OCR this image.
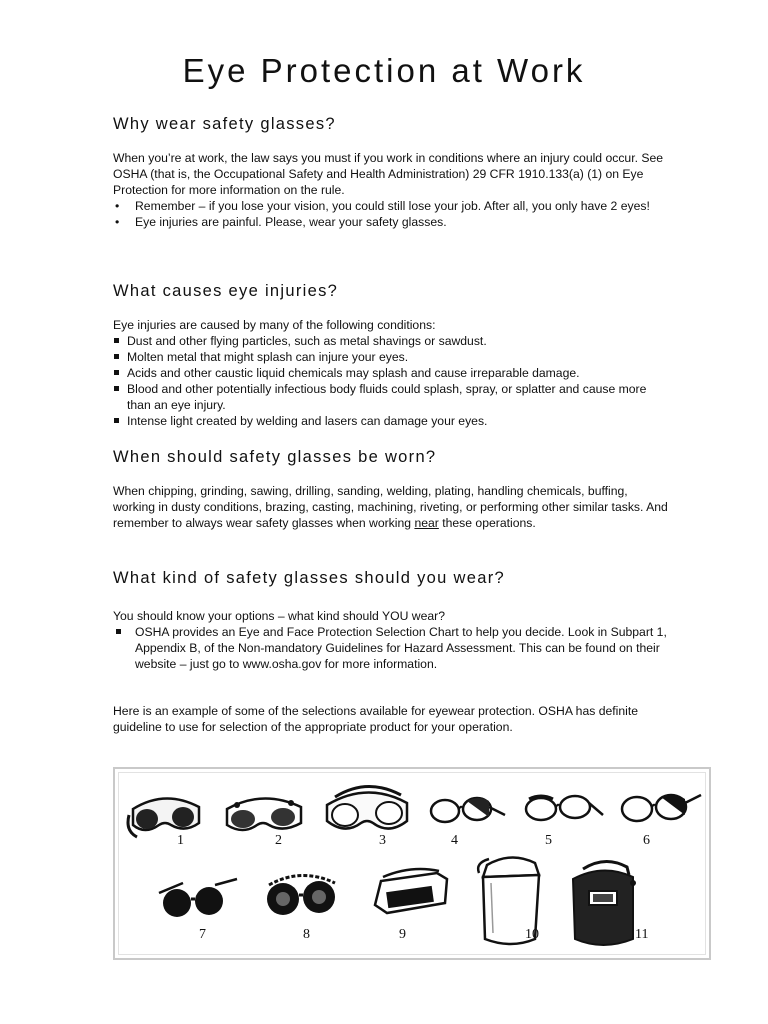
Eye Protection at Work
Why wear safety glasses?

When you’re at work, the law says you must if you work in conditions where an injury could occur. See OSHA (that is, the Occupational Safety and Health Administration) 29 CFR 1910.133(a) (1) on Eye Protection for more information on the rule.

• Remember – if you lose your vision, you could still lose your job. After all, you only have 2 eyes!
• Eye injuries are painful. Please, wear your safety glasses.
What causes eye injuries?

Eye injuries are caused by many of the following conditions:

Dust and other flying particles, such as metal shavings or sawdust.
Molten metal that might splash can injure your eyes.
Acids and other caustic liquid chemicals may splash and cause irreparable damage.
Blood and other potentially infectious body fluids could splash, spray, or splatter and cause more than an eye injury.
Intense light created by welding and lasers can damage your eyes.
When should safety glasses be worn?

When chipping, grinding, sawing, drilling, sanding, welding, plating, handling chemicals, buffing, working in dusty conditions, brazing, casting, machining, riveting, or performing other similar tasks. And remember to always wear safety glasses when working near these operations.

What kind of safety glasses should you wear?

You should know your options – what kind should YOU wear?

OSHA provides an Eye and Face Protection Selection Chart to help you decide. Look in Subpart 1, Appendix B, of the Non-mandatory Guidelines for Hazard Assessment. This can be found on their website – just go to www.osha.gov for more information.

Here is an example of some of the selections available for eyewear protection. OSHA has definite guideline to use for selection of the appropriate product for your operation.

1	2	3	4	5	6
7	8	9	10	11
